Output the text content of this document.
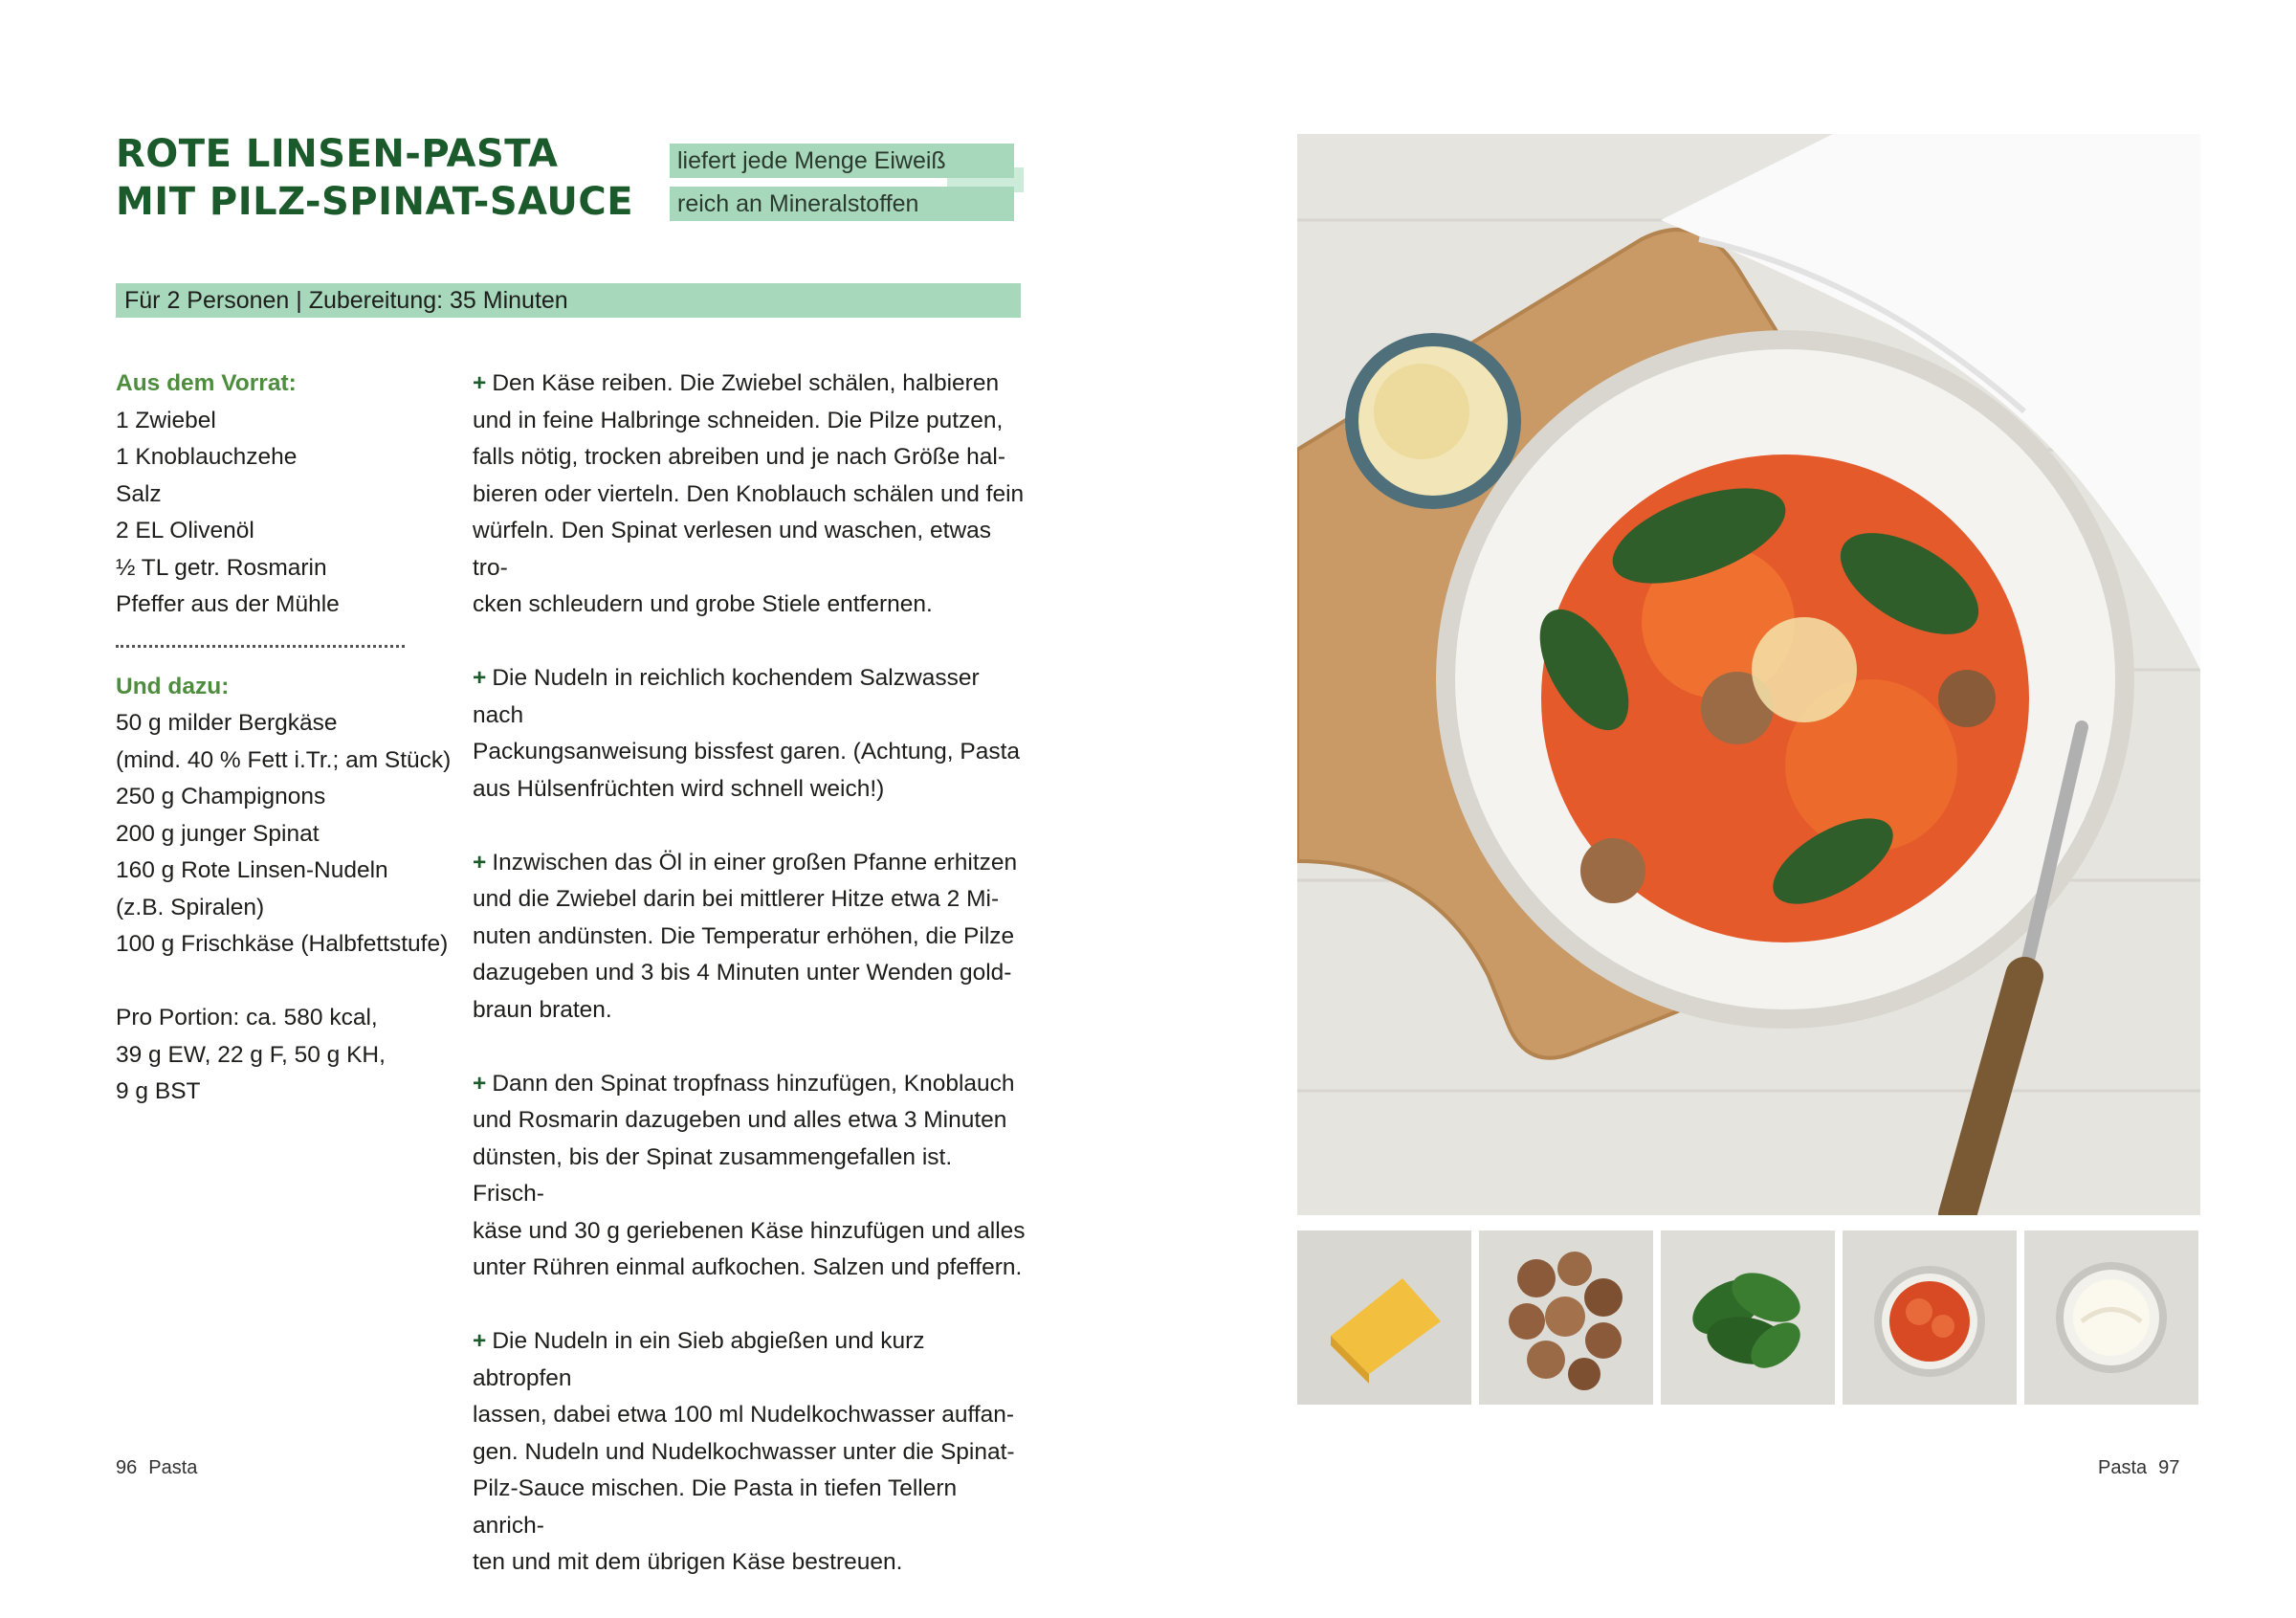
ROTE LINSEN-PASTA
MIT PILZ-SPINAT-SAUCE
liefert jede Menge Eiweiß
reich an Mineralstoffen
Für 2 Personen | Zubereitung: 35 Minuten
Aus dem Vorrat:
1 Zwiebel
1 Knoblauchzehe
Salz
2 EL Olivenöl
½ TL getr. Rosmarin
Pfeffer aus der Mühle
Und dazu:
50 g milder Bergkäse
(mind. 40 % Fett i.Tr.; am Stück)
250 g Champignons
200 g junger Spinat
160 g Rote Linsen-Nudeln
(z.B. Spiralen)
100 g Frischkäse (Halbfettstufe)
Pro Portion: ca. 580 kcal,
39 g EW, 22 g F, 50 g KH,
9 g BST
+ Den Käse reiben. Die Zwiebel schälen, halbieren
und in feine Halbringe schneiden. Die Pilze putzen,
falls nötig, trocken abreiben und je nach Größe hal-
bieren oder vierteln. Den Knoblauch schälen und fein
würfeln. Den Spinat verlesen und waschen, etwas tro-
cken schleudern und grobe Stiele entfernen.
+ Die Nudeln in reichlich kochendem Salzwasser nach
Packungsanweisung bissfest garen. (Achtung, Pasta
aus Hülsenfrüchten wird schnell weich!)
+ Inzwischen das Öl in einer großen Pfanne erhitzen
und die Zwiebel darin bei mittlerer Hitze etwa 2 Mi-
nuten andünsten. Die Temperatur erhöhen, die Pilze
dazugeben und 3 bis 4 Minuten unter Wenden gold-
braun braten.
+ Dann den Spinat tropfnass hinzufügen, Knoblauch
und Rosmarin dazugeben und alles etwa 3 Minuten
dünsten, bis der Spinat zusammengefallen ist. Frisch-
käse und 30 g geriebenen Käse hinzufügen und alles
unter Rühren einmal aufkochen. Salzen und pfeffern.
+ Die Nudeln in ein Sieb abgießen und kurz abtropfen
lassen, dabei etwa 100 ml Nudelkochwasser auffan-
gen. Nudeln und Nudelkochwasser unter die Spinat-
Pilz-Sauce mischen. Die Pasta in tiefen Tellern anrich-
ten und mit dem übrigen Käse bestreuen.
96 Pasta	Pasta 97
